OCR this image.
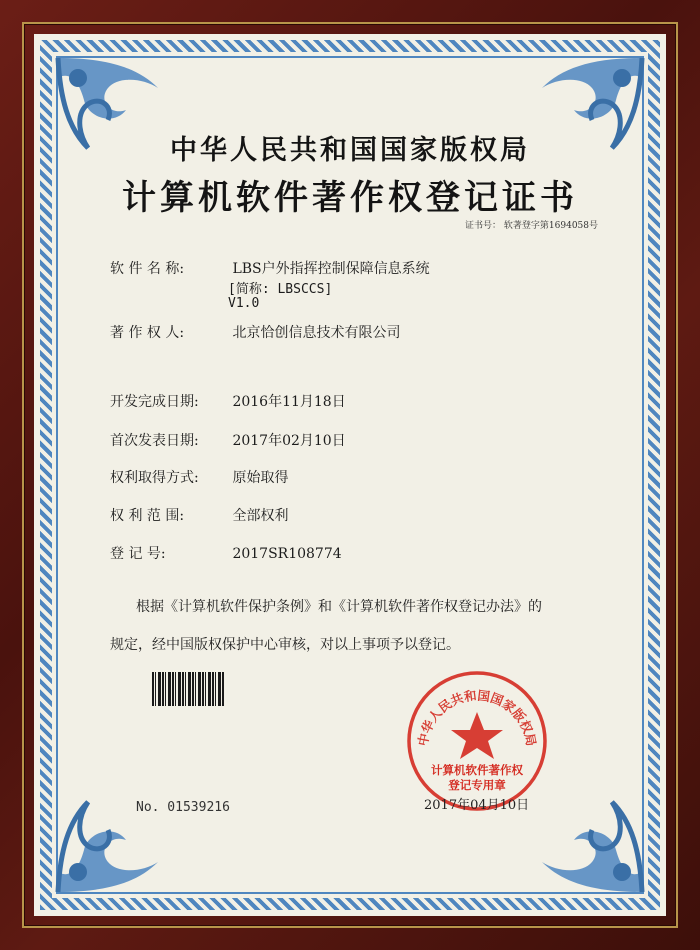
中华人民共和国国家版权局
计算机软件著作权登记证书
证书号： 软著登字第1694058号
软 件 名 称:	LBS户外指挥控制保障信息系统
[简称: LBSCCS]
V1.0
著 作 权 人:	北京恰创信息技术有限公司
开发完成日期: 2016年11月18日
首次发表日期: 2017年02月10日
权利取得方式: 原始取得
权 利 范 围:	全部权利
登 记 号:	2017SR108774
根据《计算机软件保护条例》和《计算机软件著作权登记办法》的
规定，经中国版权保护中心审核，对以上事项予以登记。
No. 01539216
中华人民共和国国家版权局
计算机软件著作权
登记专用章
2017年04月10日
